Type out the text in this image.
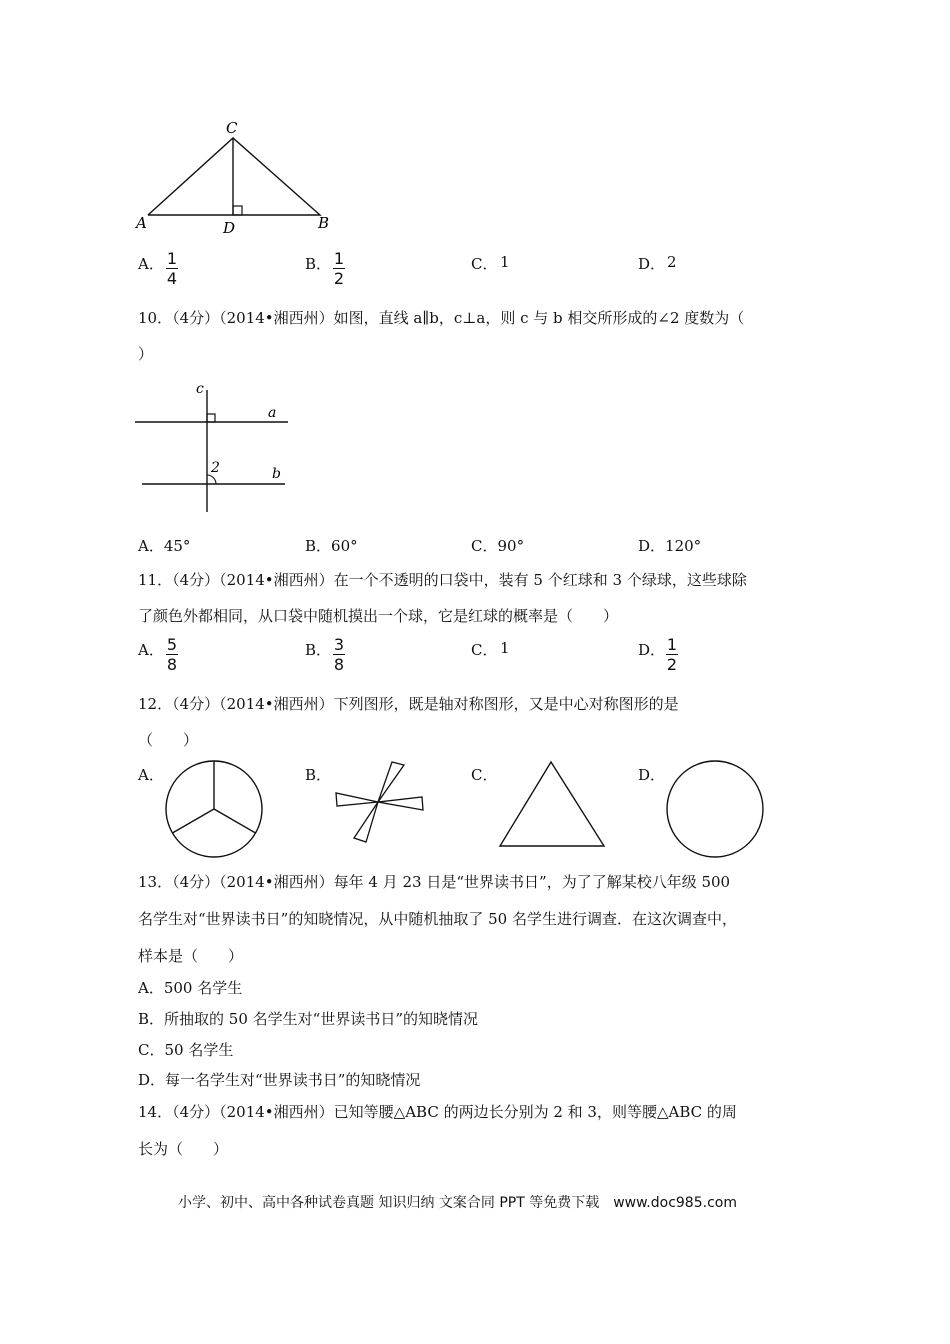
C
A	D	B
A． 1
4
B． 1
2
C． 1	D． 2
10．（4分）（2014•湘西州）如图，直线 a∥b，c⊥a，则 c 与 b 相交所形成的∠2 度数为（
）
c
a
b
2
A．45°	B．60°	C．90°	D．120°
11．（4分）（2014•湘西州）在一个不透明的口袋中，装有 5 个红球和 3 个绿球，这些球除
了颜色外都相同，从口袋中随机摸出一个球，它是红球的概率是（　　）
A． 5
8
B． 3
8
C． 1	D． 1
2
12．（4分）（2014•湘西州）下列图形，既是轴对称图形，又是中心对称图形的是
（　　）
A．	B．	C．	D．
13．（4分）（2014•湘西州）每年 4 月 23 日是“世界读书日”，为了了解某校八年级 500
名学生对“世界读书日”的知晓情况，从中随机抽取了 50 名学生进行调查．在这次调查中，
样本是（　　）
A．500 名学生
B．所抽取的 50 名学生对“世界读书日”的知晓情况
C．50 名学生
D．每一名学生对“世界读书日”的知晓情况
14．（4分）（2014•湘西州）已知等腰△ABC 的两边长分别为 2 和 3，则等腰△ABC 的周
长为（　　）
小学、初中、高中各种试卷真题 知识归纳 文案合同 PPT 等免费下载　www.doc985.com
